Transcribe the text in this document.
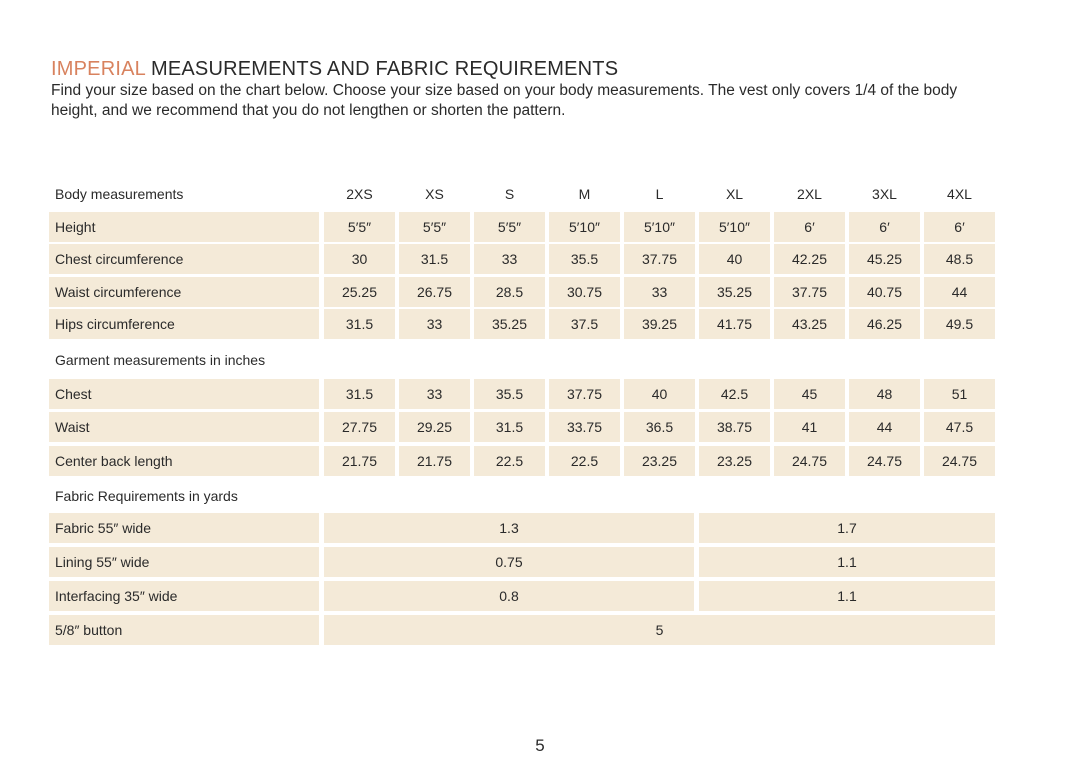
IMPERIAL MEASUREMENTS AND FABRIC REQUIREMENTS
Find your size based on the chart below. Choose your size based on your body measurements. The vest only covers 1/4 of the body height, and we recommend that you do not lengthen or shorten the pattern.
Body measurements	2XS	XS	S	M	L	XL	2XL	3XL	4XL
Height	5′5″	5′5″	5′5″	5′10″	5′10″	5′10″	6′	6′	6′
Chest circumference	30	31.5	33	35.5	37.75	40	42.25	45.25	48.5
Waist circumference	25.25	26.75	28.5	30.75	33	35.25	37.75	40.75	44
Hips circumference	31.5	33	35.25	37.5	39.25	41.75	43.25	46.25	49.5
Garment measurements in inches
Chest	31.5	33	35.5	37.75	40	42.5	45	48	51
Waist	27.75	29.25	31.5	33.75	36.5	38.75	41	44	47.5
Center back length	21.75	21.75	22.5	22.5	23.25	23.25	24.75	24.75	24.75
Fabric Requirements in yards
Fabric 55″ wide	1.3	1.7
Lining 55″ wide	0.75	1.1
Interfacing 35″ wide	0.8	1.1
5/8″ button	5
5
